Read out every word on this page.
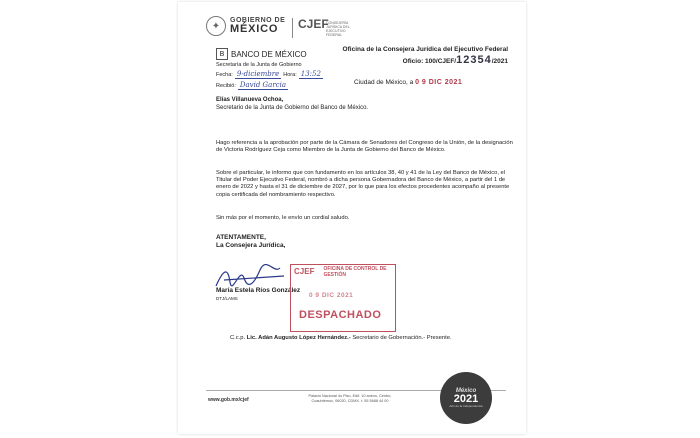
✦	GOBIERNO DE
MÉXICO	CJEF
CONSEJERÍA JURÍDICA DEL EJECUTIVO FEDERAL
Oficina de la Consejera Jurídica del Ejecutivo Federal
Oficio: 100/CJEF/12354/2021
B BANCO DE MÉXICO
Secretaría de la Junta de Gobierno
Fecha: 9-diciembre Hora: 13:52
Recibió: David Garcia	Ciudad de México, a 0 9 DIC 2021
Elías Villanueva Ochoa,
Secretario de la Junta de Gobierno del Banco de México.
Hago referencia a la aprobación por parte de la Cámara de Senadores del Congreso de la Unión, de la designación de Victoria Rodríguez Ceja como Miembro de la Junta de Gobierno del Banco de México.
Sobre el particular, le informo que con fundamento en los artículos 38, 40 y 41 de la Ley del Banco de México, el Titular del Poder Ejecutivo Federal, nombró a dicha persona Gobernadora del Banco de México, a partir del 1 de enero de 2022 y hasta el 31 de diciembre de 2027, por lo que para los efectos procedentes acompaño al presente copia certificada del nombramiento respectivo.
Sin más por el momento, le envío un cordial saludo.
ATENTAMENTE,
La Consejera Jurídica,
María Estela Ríos González
DTJ/LAMS
CJEF OFICINA DE CONTROL DE GESTIÓN
0 9 DIC 2021
DESPACHADO
C.c.p. Lic. Adán Augusto López Hernández.- Secretario de Gobernación.- Presente.
www.gob.mx/cjef
Palacio Nacional 4o Piso, Edif. 10 anexo, Centro, Cuauhtémoc, 06020, CDMX. t. 55 5688 44 00
México
2021
Año de la Independencia
